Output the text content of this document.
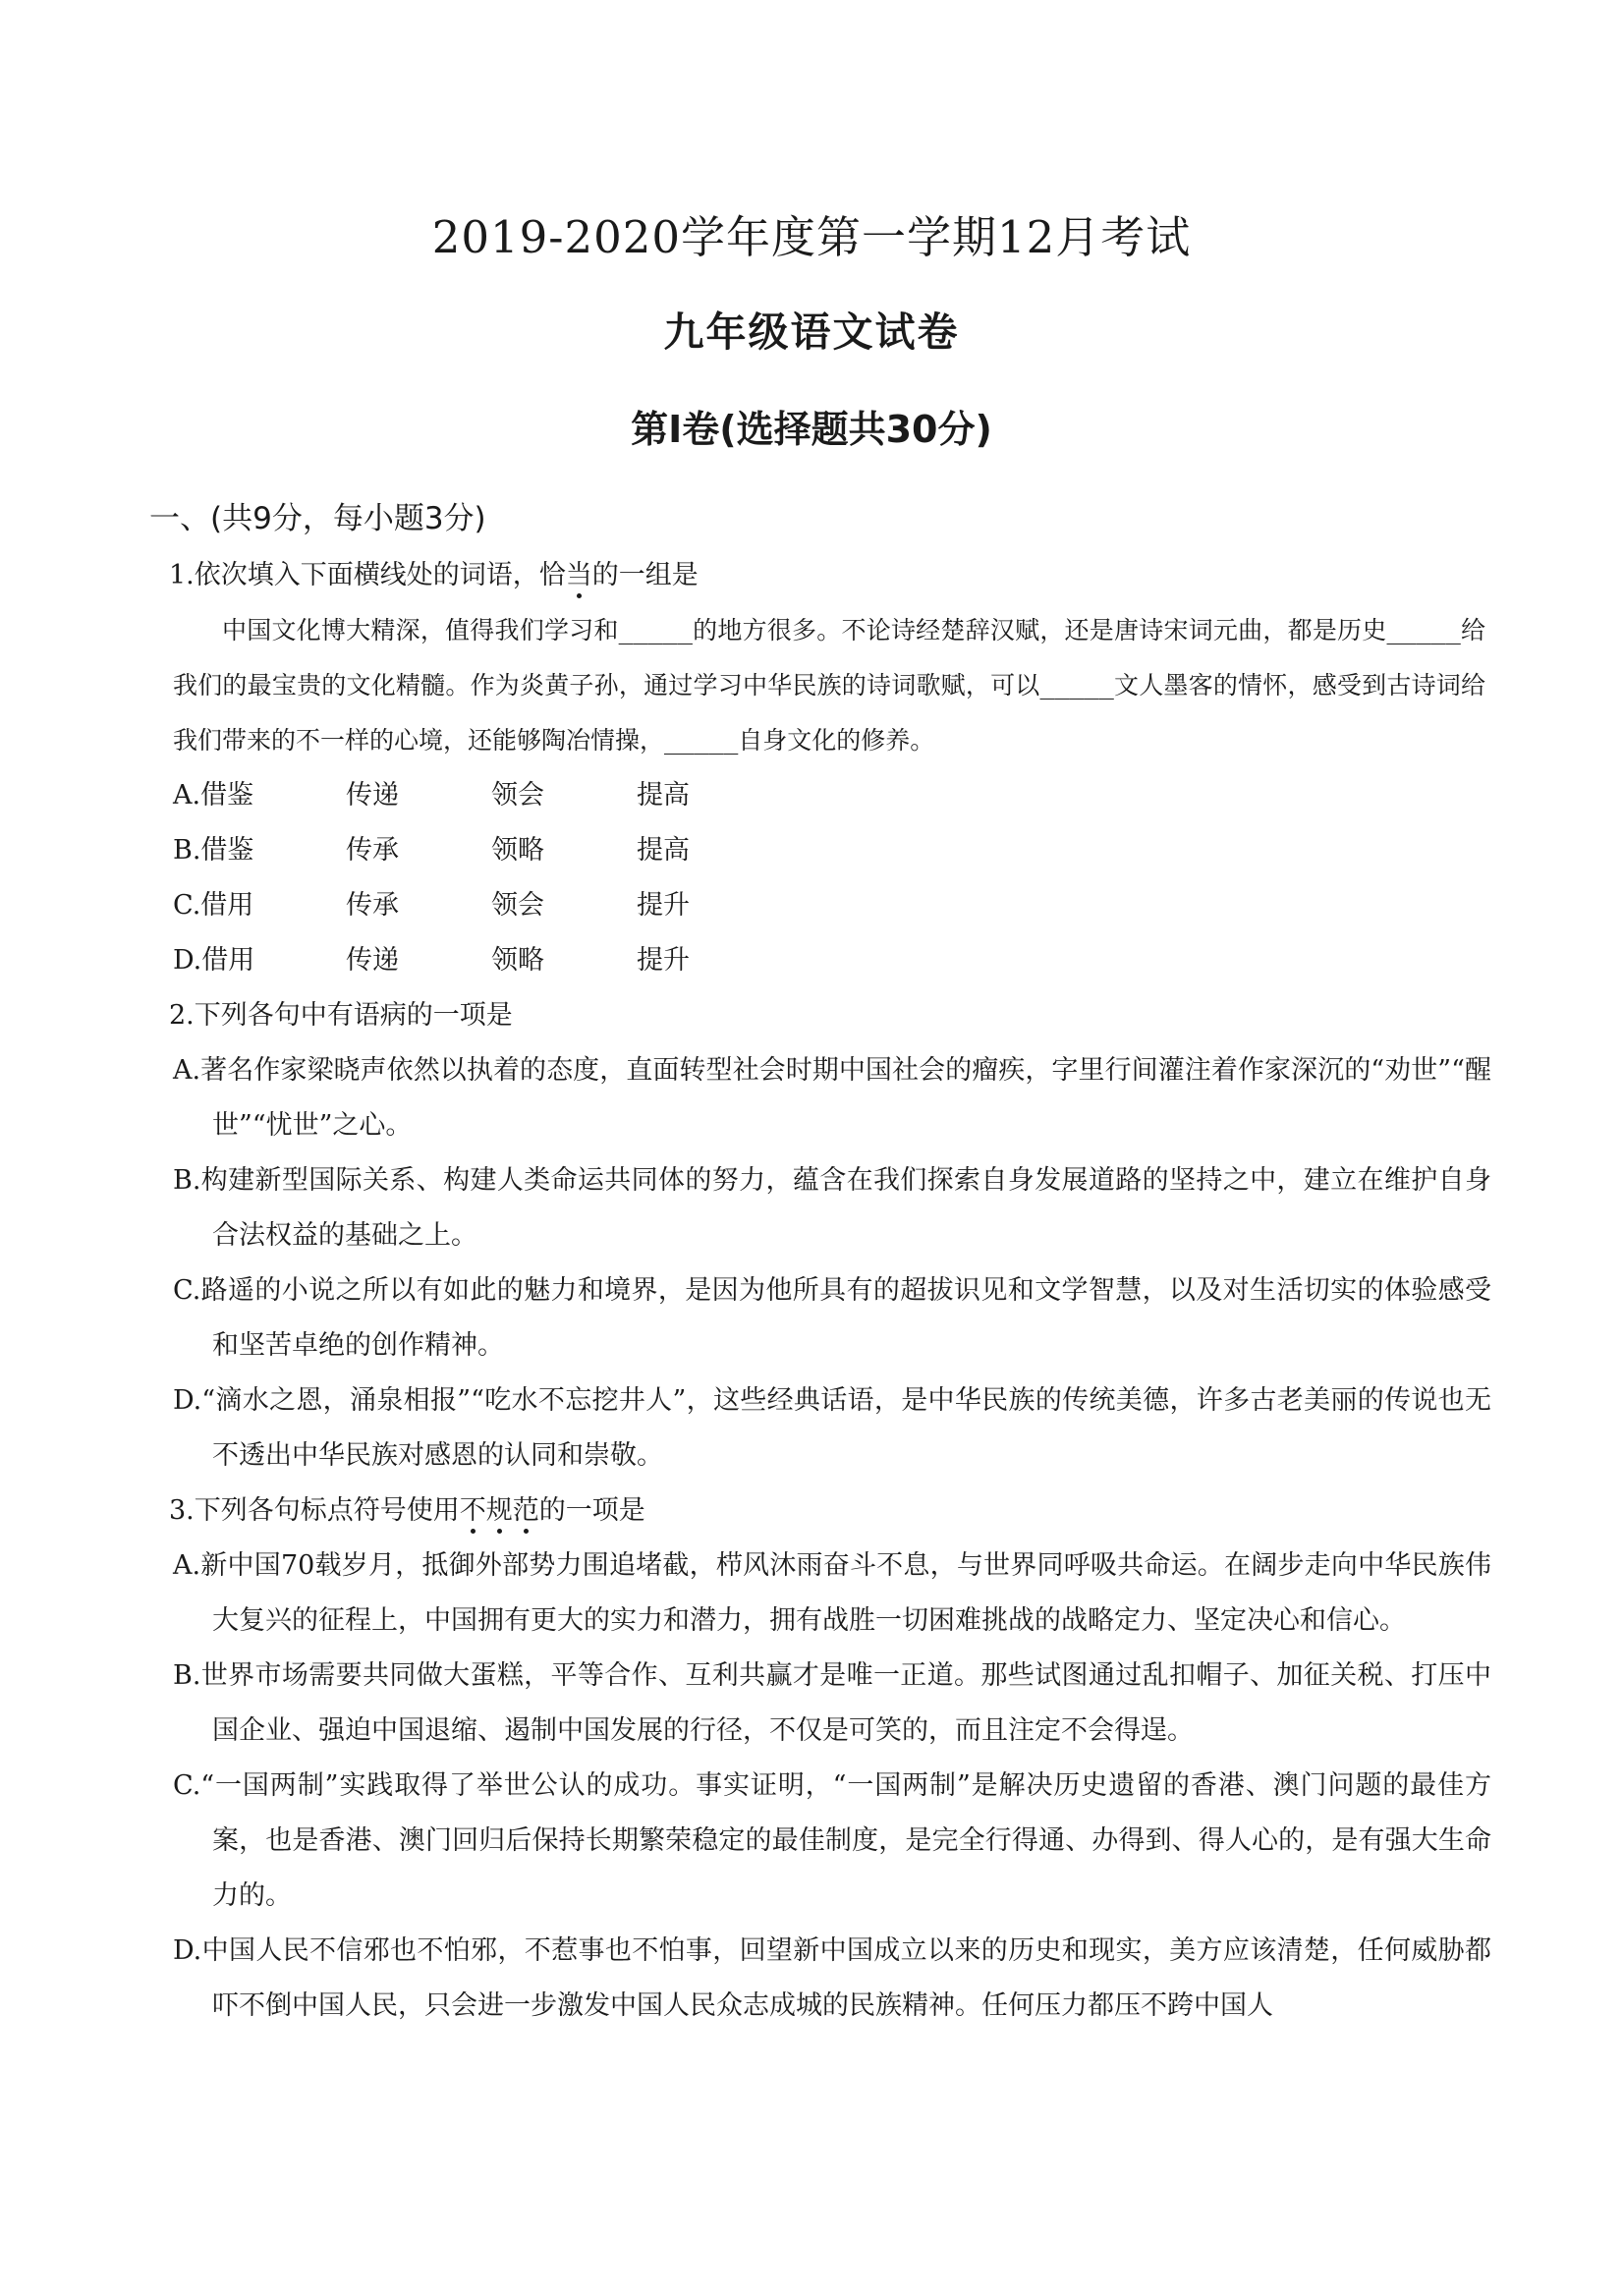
2019-2020学年度第一学期12月考试
九年级语文试卷
第Ⅰ卷(选择题共30分)
一、(共9分，每小题3分)
1.依次填入下面横线处的词语，恰当的一组是
中国文化博大精深，值得我们学习和_____的地方很多。不论诗经楚辞汉赋，还是唐诗宋词元曲，都是历史_____给我们的最宝贵的文化精髓。作为炎黄子孙，通过学习中华民族的诗词歌赋，可以_____文人墨客的情怀，感受到古诗词给我们带来的不一样的心境，还能够陶冶情操，_____自身文化的修养。
A.借鉴	传递	领会	提高
B.借鉴	传承	领略	提高
C.借用	传承	领会	提升
D.借用	传递	领略	提升
2.下列各句中有语病的一项是
A.著名作家梁晓声依然以执着的态度，直面转型社会时期中国社会的瘤疾，字里行间灌注着作家深沉的“劝世”“醒世”“忧世”之心。
B.构建新型国际关系、构建人类命运共同体的努力，蕴含在我们探索自身发展道路的坚持之中，建立在维护自身合法权益的基础之上。
C.路遥的小说之所以有如此的魅力和境界，是因为他所具有的超拔识见和文学智慧，以及对生活切实的体验感受和坚苦卓绝的创作精神。
D.“滴水之恩，涌泉相报”“吃水不忘挖井人”，这些经典话语，是中华民族的传统美德，许多古老美丽的传说也无不透出中华民族对感恩的认同和崇敬。
3.下列各句标点符号使用不规范的一项是
A.新中国70载岁月，抵御外部势力围追堵截，栉风沐雨奋斗不息，与世界同呼吸共命运。在阔步走向中华民族伟大复兴的征程上，中国拥有更大的实力和潜力，拥有战胜一切困难挑战的战略定力、坚定决心和信心。
B.世界市场需要共同做大蛋糕，平等合作、互利共赢才是唯一正道。那些试图通过乱扣帽子、加征关税、打压中国企业、强迫中国退缩、遏制中国发展的行径，不仅是可笑的，而且注定不会得逞。
C.“一国两制”实践取得了举世公认的成功。事实证明，“一国两制”是解决历史遗留的香港、澳门问题的最佳方案，也是香港、澳门回归后保持长期繁荣稳定的最佳制度，是完全行得通、办得到、得人心的，是有强大生命力的。
D.中国人民不信邪也不怕邪，不惹事也不怕事，回望新中国成立以来的历史和现实，美方应该清楚，任何威胁都吓不倒中国人民，只会进一步激发中国人民众志成城的民族精神。任何压力都压不跨中国人
